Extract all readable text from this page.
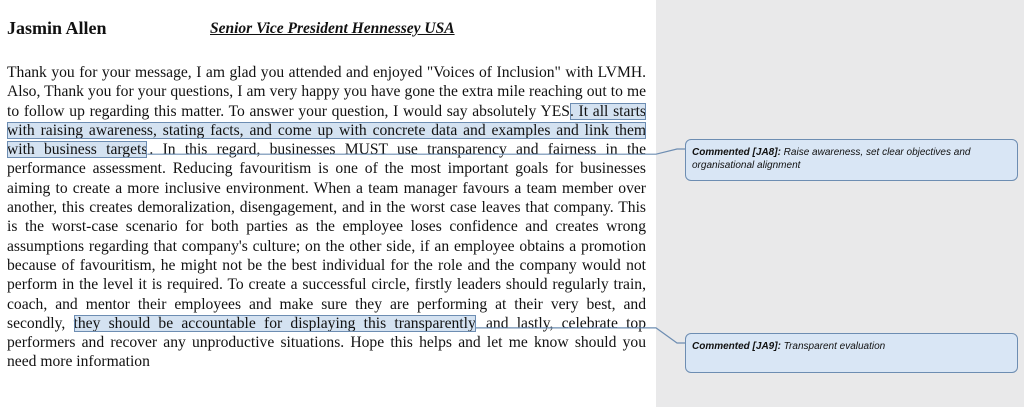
Jasmin Allen	Senior Vice President Hennessey USA

Thank you for your message, I am glad you attended and enjoyed "Voices of Inclusion" with LVMH. Also, Thank you for your questions, I am very happy you have gone the extra mile reaching out to me to follow up regarding this matter. To answer your question, I would say absolutely YES. It all starts with raising awareness, stating facts, and come up with concrete data and examples and link them with business targets . In this regard, businesses MUST use transparency and fairness in the performance assessment. Reducing favouritism is one of the most important goals for businesses aiming to create a more inclusive environment. When a team manager favours a team member over another, this creates demoralization, disengagement, and in the worst case leaves that company. This is the worst-case scenario for both parties as the employee loses confidence and creates wrong assumptions regarding that company's culture; on the other side, if an employee obtains a promotion because of favouritism, he might not be the best individual for the role and the company would not perform in the level it is required. To create a successful circle, firstly leaders should regularly train, coach, and mentor their employees and make sure they are performing at their very best, and secondly, they should be accountable for displaying this transparently and lastly, celebrate top performers and recover any unproductive situations. Hope this helps and let me know should you need more information

Commented [JA8]: Raise awareness, set clear objectives and organisational alignment
Commented [JA9]: Transparent evaluation
